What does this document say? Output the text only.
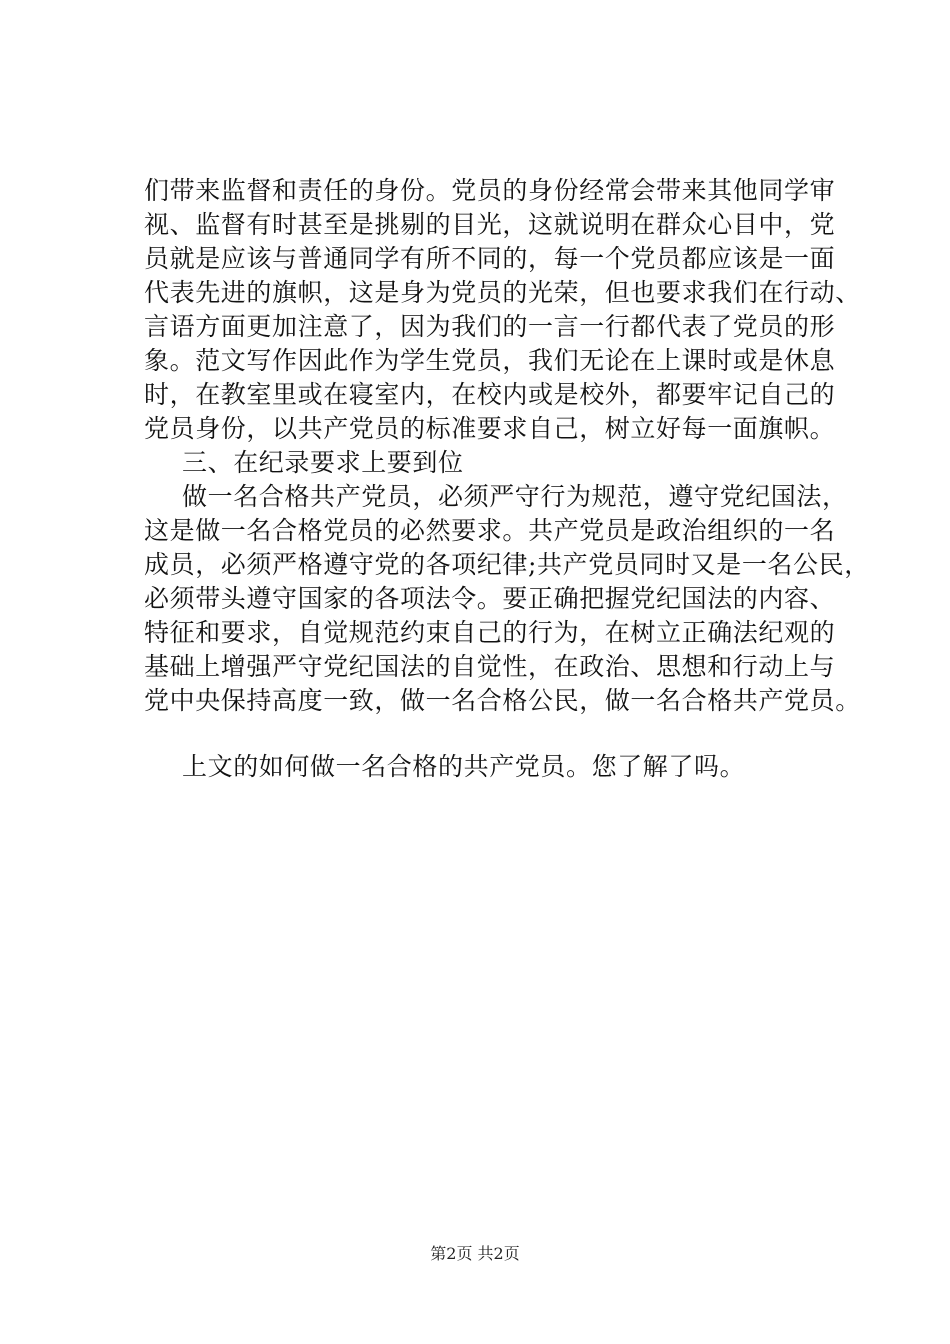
们带来监督和责任的身份。党员的身份经常会带来其他同学审
视、监督有时甚至是挑剔的目光，这就说明在群众心目中，党
员就是应该与普通同学有所不同的，每一个党员都应该是一面
代表先进的旗帜，这是身为党员的光荣，但也要求我们在行动、
言语方面更加注意了，因为我们的一言一行都代表了党员的形
象。范文写作因此作为学生党员，我们无论在上课时或是休息
时，在教室里或在寝室内，在校内或是校外，都要牢记自己的
党员身份，以共产党员的标准要求自己，树立好每一面旗帜。
三、在纪录要求上要到位
做一名合格共产党员，必须严守行为规范，遵守党纪国法，
这是做一名合格党员的必然要求。共产党员是政治组织的一名
成员，必须严格遵守党的各项纪律;共产党员同时又是一名公民，
必须带头遵守国家的各项法令。要正确把握党纪国法的内容、
特征和要求，自觉规范约束自己的行为，在树立正确法纪观的
基础上增强严守党纪国法的自觉性，在政治、思想和行动上与
党中央保持高度一致，做一名合格公民，做一名合格共产党员。
上文的如何做一名合格的共产党员。您了解了吗。
第2页 共2页
